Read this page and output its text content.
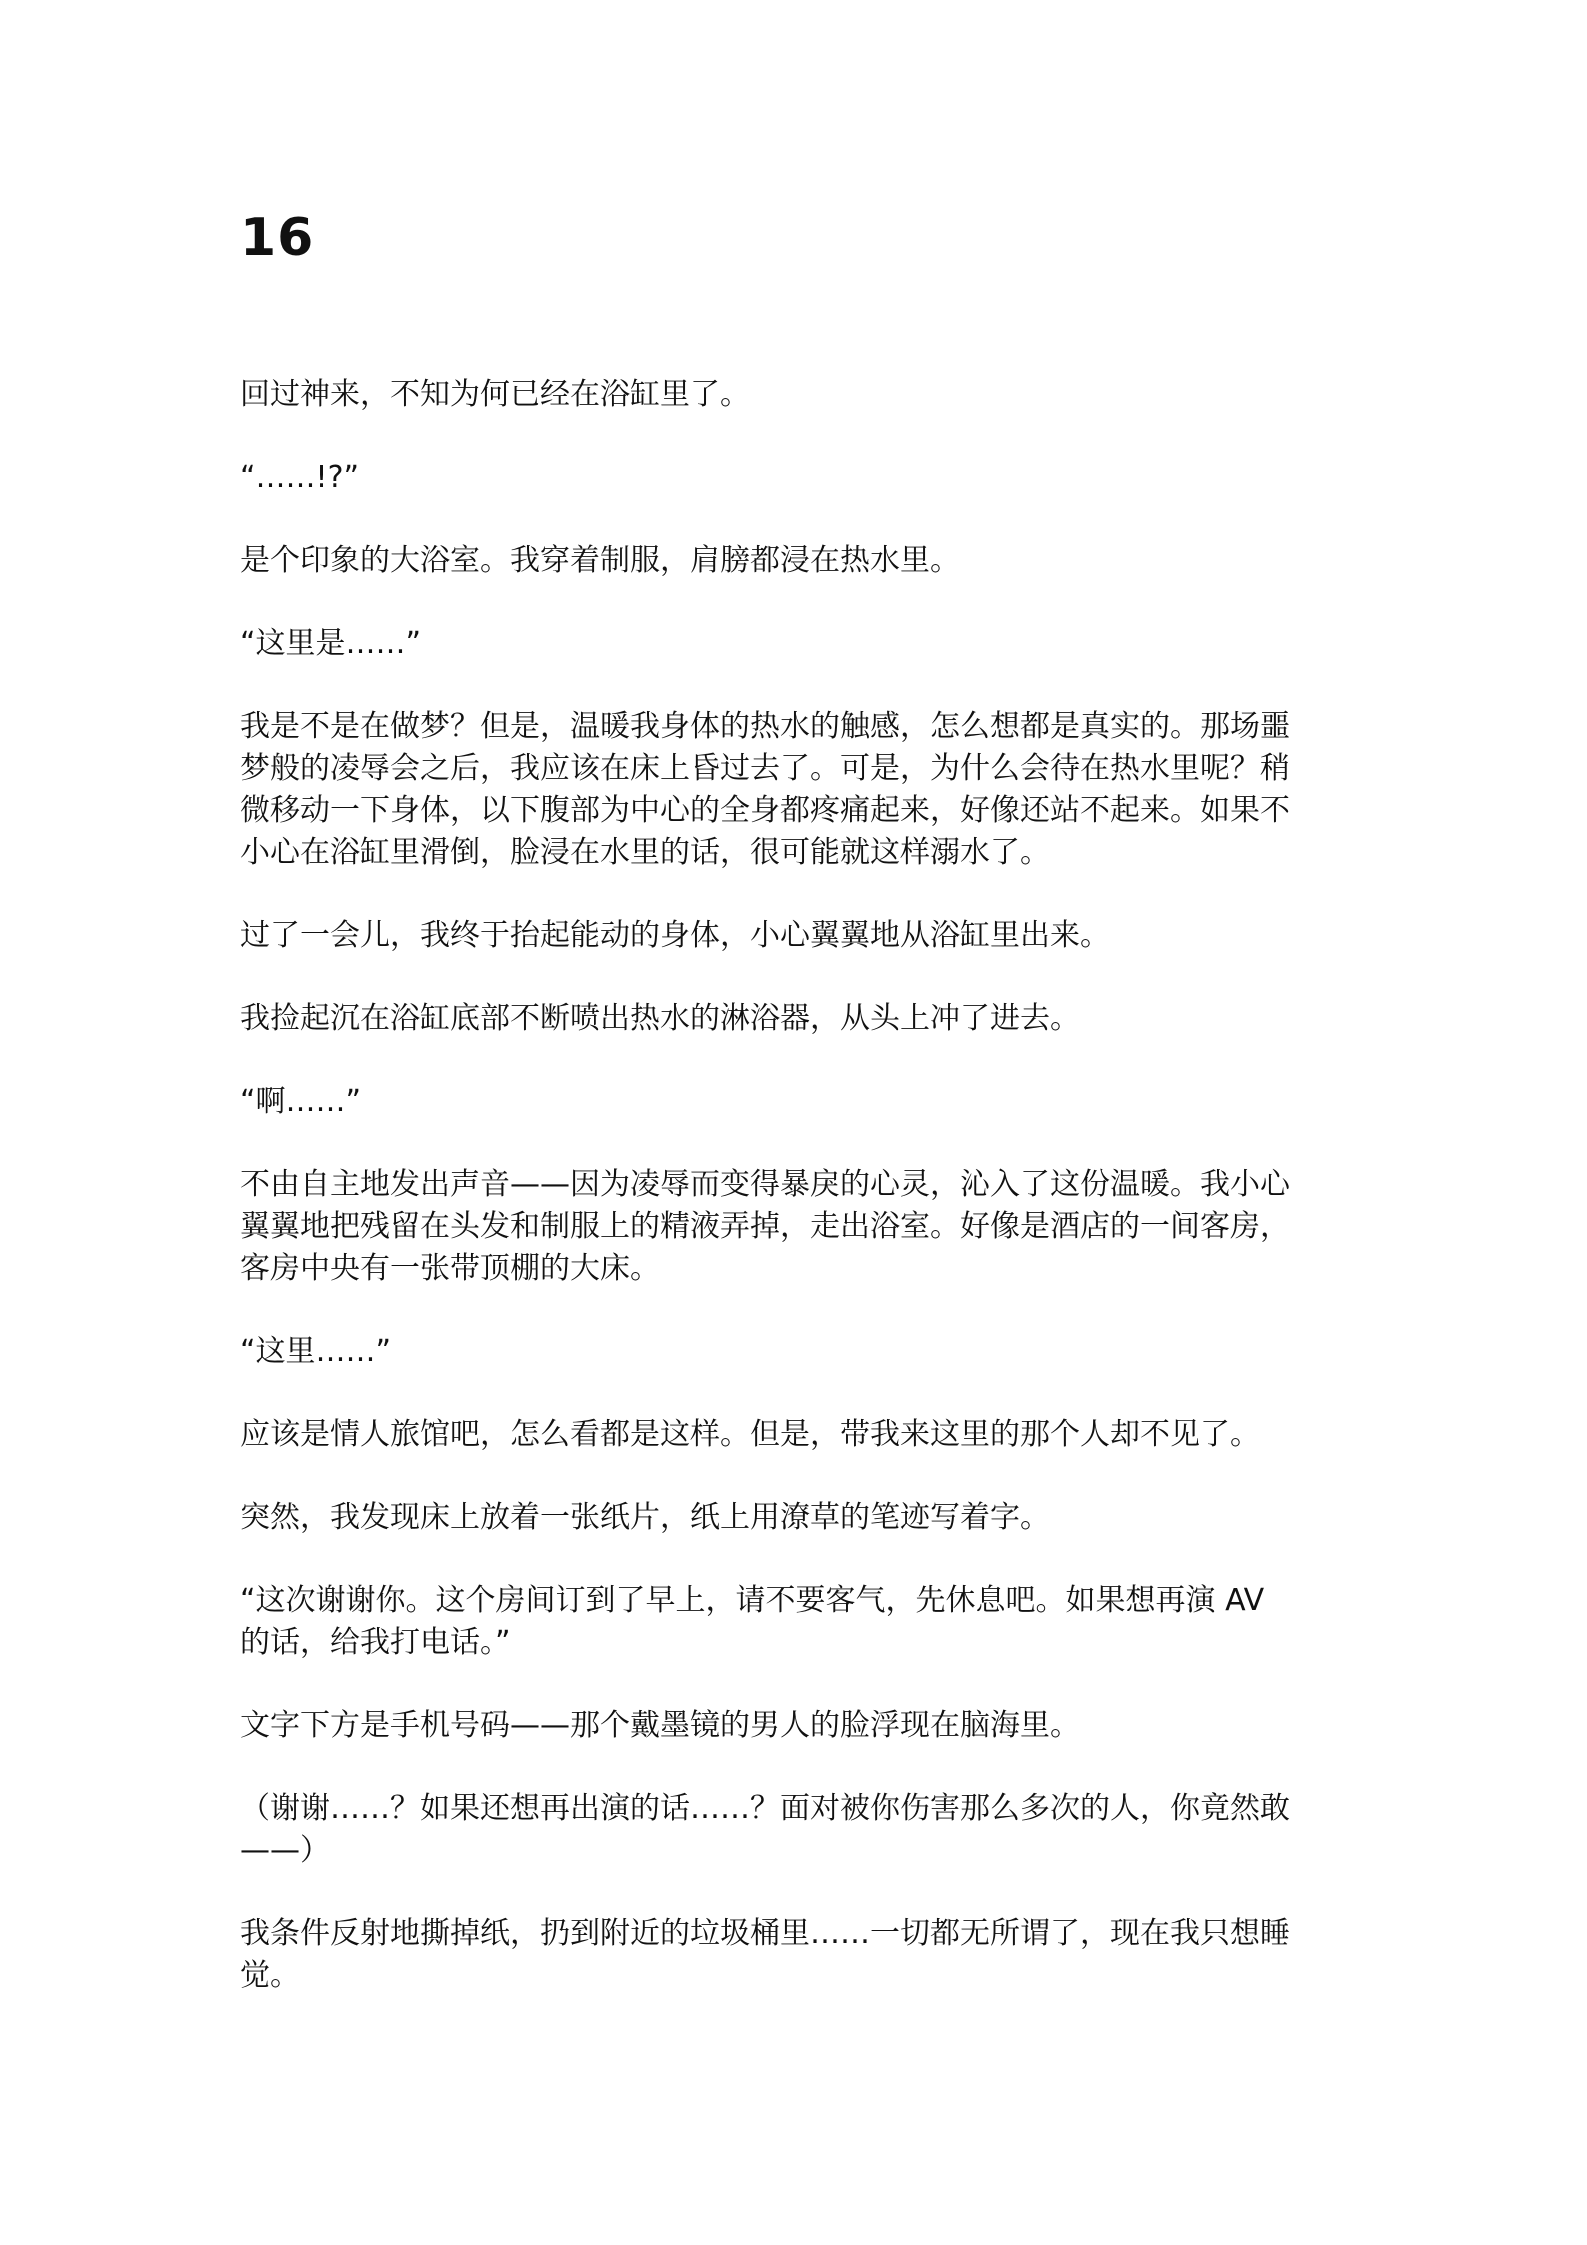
16

回过神来，不知为何已经在浴缸里了。

“……!?”

是个印象的大浴室。我穿着制服，肩膀都浸在热水里。

“这里是……”

我是不是在做梦？但是，温暖我身体的热水的触感，怎么想都是真实的。那场噩
梦般的凌辱会之后，我应该在床上昏过去了。可是，为什么会待在热水里呢？稍
微移动一下身体，以下腹部为中心的全身都疼痛起来，好像还站不起来。如果不
小心在浴缸里滑倒，脸浸在水里的话，很可能就这样溺水了。

过了一会儿，我终于抬起能动的身体，小心翼翼地从浴缸里出来。

我捡起沉在浴缸底部不断喷出热水的淋浴器，从头上冲了进去。

“啊……”

不由自主地发出声音——因为凌辱而变得暴戾的心灵，沁入了这份温暖。我小心
翼翼地把残留在头发和制服上的精液弄掉，走出浴室。好像是酒店的一间客房，
客房中央有一张带顶棚的大床。

“这里……”

应该是情人旅馆吧，怎么看都是这样。但是，带我来这里的那个人却不见了。

突然，我发现床上放着一张纸片，纸上用潦草的笔迹写着字。

“这次谢谢你。这个房间订到了早上，请不要客气，先休息吧。如果想再演 AV
的话，给我打电话。”

文字下方是手机号码——那个戴墨镜的男人的脸浮现在脑海里。

（谢谢……？如果还想再出演的话……？面对被你伤害那么多次的人，你竟然敢
——）

我条件反射地撕掉纸，扔到附近的垃圾桶里……一切都无所谓了，现在我只想睡
觉。
